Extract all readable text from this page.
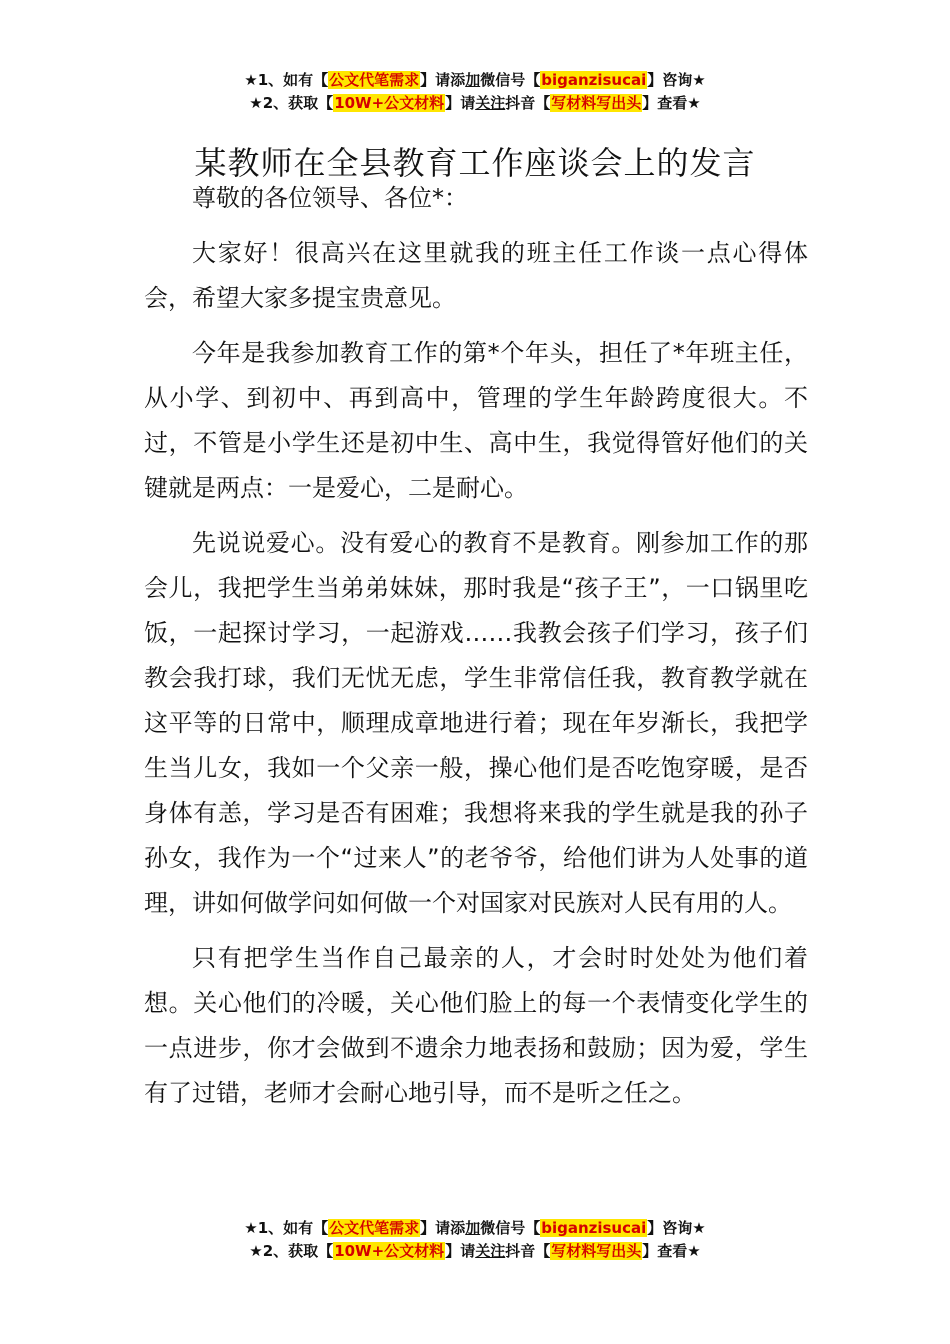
★1、如有【公文代笔需求】请添加微信号【biganzisucai】咨询★
★2、获取【10W+公文材料】请关注抖音【写材料写出头】查看★
某教师在全县教育工作座谈会上的发言

尊敬的各位领导、各位*：

大家好！很高兴在这里就我的班主任工作谈一点心得体会，希望大家多提宝贵意见。

今年是我参加教育工作的第*个年头，担任了*年班主任，从小学、到初中、再到高中，管理的学生年龄跨度很大。不过，不管是小学生还是初中生、高中生，我觉得管好他们的关键就是两点：一是爱心，二是耐心。

先说说爱心。没有爱心的教育不是教育。刚参加工作的那会儿，我把学生当弟弟妹妹，那时我是“孩子王”，一口锅里吃饭，一起探讨学习，一起游戏……我教会孩子们学习，孩子们教会我打球，我们无忧无虑，学生非常信任我，教育教学就在这平等的日常中，顺理成章地进行着；现在年岁渐长，我把学生当儿女，我如一个父亲一般，操心他们是否吃饱穿暖，是否身体有恙，学习是否有困难；我想将来我的学生就是我的孙子孙女，我作为一个“过来人”的老爷爷，给他们讲为人处事的道理，讲如何做学问如何做一个对国家对民族对人民有用的人。

只有把学生当作自己最亲的人，才会时时处处为他们着想。关心他们的冷暖，关心他们脸上的每一个表情变化学生的一点进步，你才会做到不遗余力地表扬和鼓励；因为爱，学生有了过错，老师才会耐心地引导，而不是听之任之。

★1、如有【公文代笔需求】请添加微信号【biganzisucai】咨询★
★2、获取【10W+公文材料】请关注抖音【写材料写出头】查看★
